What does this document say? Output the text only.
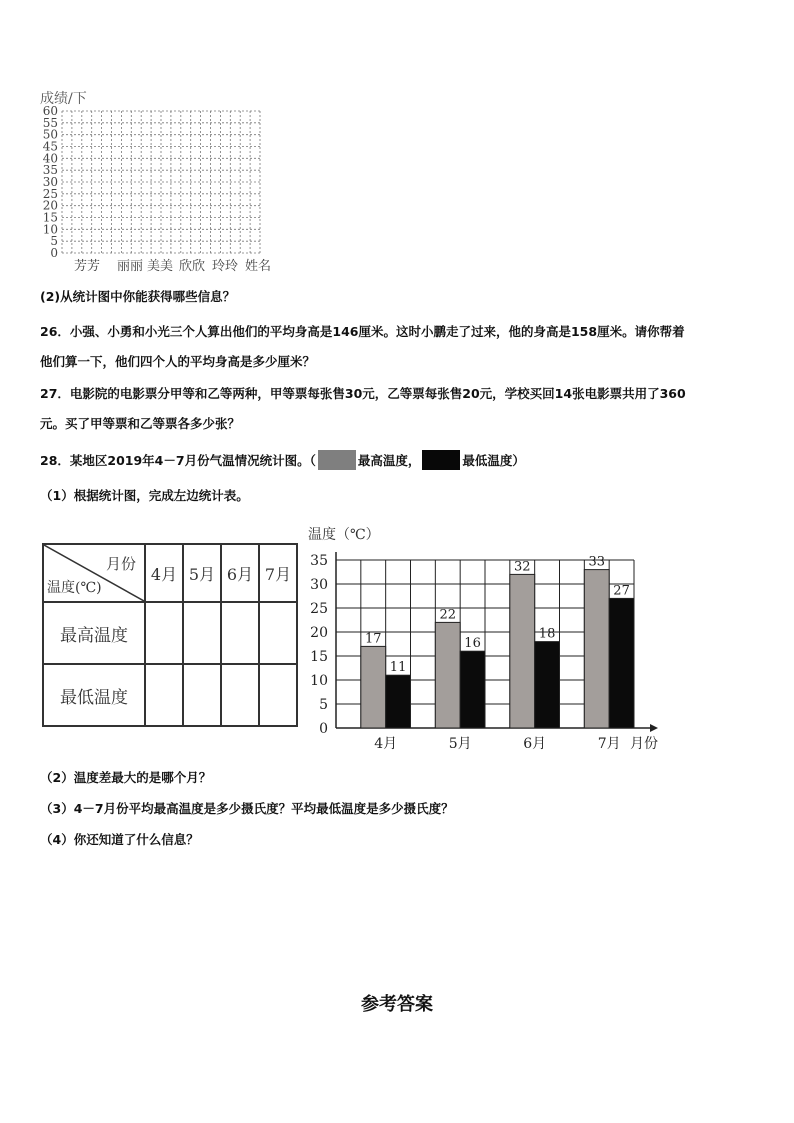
成绩/下
60
55
50
45
40
35
30
25
20
15
10
5
0
芳芳 丽丽 美美 欣欣 玲玲 姓名
(2)从统计图中你能获得哪些信息？
26．小强、小勇和小光三个人算出他们的平均身高是146厘米。这时小鹏走了过来，他的身高是158厘米。请你帮着
他们算一下，他们四个人的平均身高是多少厘米？
27．电影院的电影票分甲等和乙等两种，甲等票每张售30元，乙等票每张售20元，学校买回14张电影票共用了360
元。买了甲等票和乙等票各多少张？
28．某地区2019年4－7月份气温情况统计图。（	最高温度，	最低温度）
（1）根据统计图，完成左边统计表。
月份
温度(℃)	4月	5月	6月	7月
最高温度				
最低温度				
温度（℃）
0
5
10
15
20
25
30
35
17
11
4月
22
16
5月
32
18
6月
33
27
7月 月份
（2）温度差最大的是哪个月？
（3）4－7月份平均最高温度是多少摄氏度？平均最低温度是多少摄氏度？
（4）你还知道了什么信息？
参考答案
